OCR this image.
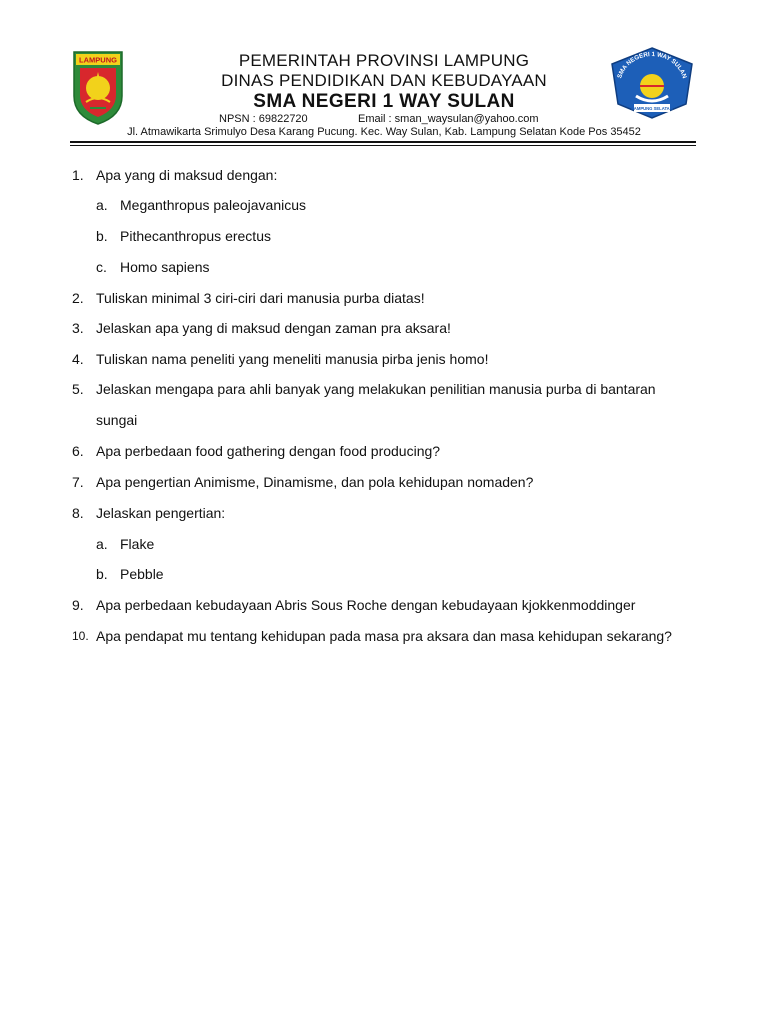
LAMPUNG	PEMERINTAH PROVINSI LAMPUNG
DINAS PENDIDIKAN DAN KEBUDAYAAN
SMA NEGERI 1 WAY SULAN
NPSN : 69822720	Email : sman_waysulan@yahoo.com
Jl. Atmawikarta Srimulyo Desa Karang Pucung. Kec. Way Sulan, Kab. Lampung Selatan Kode Pos 35452
SMA NEGERI 1 WAY SULAN
LAMPUNG SELATAN
1. Apa yang di maksud dengan:
a. Meganthropus paleojavanicus
b. Pithecanthropus erectus
c. Homo sapiens
2. Tuliskan minimal 3 ciri-ciri dari manusia purba diatas!
3. Jelaskan apa yang di maksud dengan zaman pra aksara!
4. Tuliskan nama peneliti yang meneliti manusia pirba jenis homo!
5. Jelaskan mengapa para ahli banyak yang melakukan penilitian manusia purba di bantaran
sungai
6. Apa perbedaan food gathering dengan food producing?
7. Apa pengertian Animisme, Dinamisme, dan pola kehidupan nomaden?
8. Jelaskan pengertian:
a. Flake
b. Pebble
9. Apa perbedaan kebudayaan Abris Sous Roche dengan kebudayaan kjokkenmoddinger
10. Apa pendapat mu tentang kehidupan pada masa pra aksara dan masa kehidupan sekarang?
